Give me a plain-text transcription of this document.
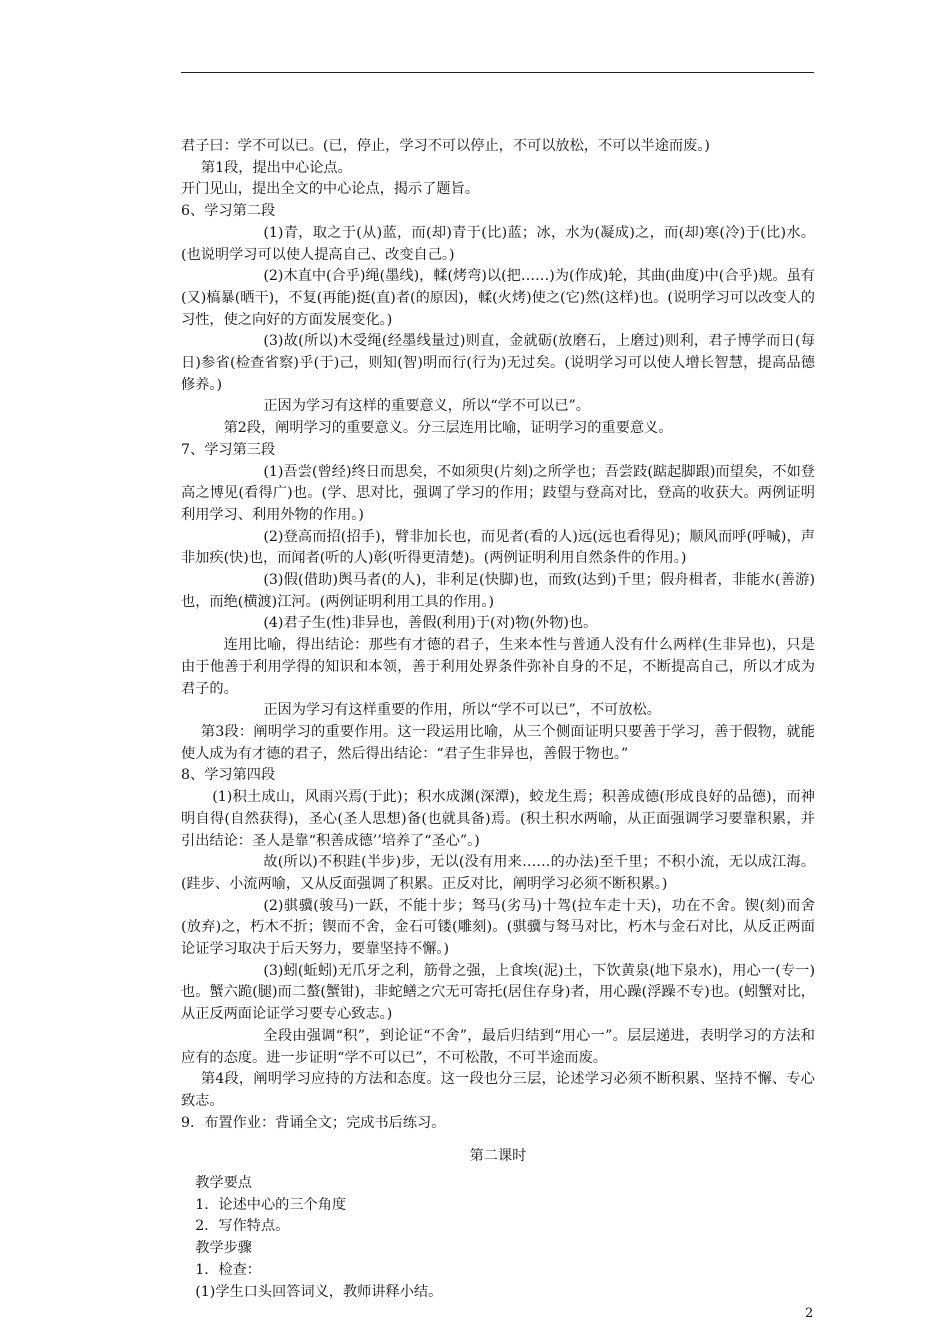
君子曰：学不可以已。(已，停止，学习不可以停止，不可以放松，不可以半途而废。)

第1段，提出中心论点。

开门见山，提出全文的中心论点，揭示了题旨。

6、学习第二段

(1)青，取之于(从)蓝，而(却)青于(比)蓝；冰，水为(凝成)之，而(却)寒(冷)于(比)水。(也说明学习可以使人提高自己、改变自己。)

(2)木直中(合乎)绳(墨线)，輮(烤弯)以(把……)为(作成)轮，其曲(曲度)中(合乎)规。虽有(又)槁暴(晒干)，不复(再能)挺(直)者(的原因)，輮(火烤)使之(它)然(这样)也。(说明学习可以改变人的习性，使之向好的方面发展变化。)

(3)故(所以)木受绳(经墨线量过)则直，金就砺(放磨石，上磨过)则利，君子博学而日(每日)参省(检查省察)乎(于)己，则知(智)明而行(行为)无过矣。(说明学习可以使人增长智慧，提高品德修养。)

正因为学习有这样的重要意义，所以“学不可以已”。

第2段，阐明学习的重要意义。分三层连用比喻，证明学习的重要意义。

7、学习第三段

(1)吾尝(曾经)终日而思矣，不如须臾(片刻)之所学也；吾尝跂(踮起脚跟)而望矣，不如登高之博见(看得广)也。(学、思对比，强调了学习的作用；跂望与登高对比，登高的收获大。两例证明利用学习、利用外物的作用。)

(2)登高而招(招手)，臂非加长也，而见者(看的人)远(远也看得见)；顺风而呼(呼喊)，声非加疾(快)也，而闻者(听的人)彰(听得更清楚)。(两例证明利用自然条件的作用。)

(3)假(借助)舆马者(的人)，非利足(快脚)也，而致(达到)千里；假舟楫者，非能水(善游)也，而绝(横渡)江河。(两例证明利用工具的作用。)

(4)君子生(性)非异也，善假(利用)于(对)物(外物)也。

连用比喻，得出结论：那些有才德的君子，生来本性与普通人没有什么两样(生非异也)，只是由于他善于利用学得的知识和本领，善于利用处界条件弥补自身的不足，不断提高自己，所以才成为君子的。

正因为学习有这样重要的作用，所以“学不可以已”，不可放松。

第3段：阐明学习的重要作用。这一段运用比喻，从三个侧面证明只要善于学习，善于假物，就能使人成为有才德的君子，然后得出结论：“君子生非异也，善假于物也。”

8、学习第四段

(1)积土成山，风雨兴焉(于此)；积水成渊(深潭)，蛟龙生焉；积善成德(形成良好的品德)，而神明自得(自然获得)，圣心(圣人思想)备(也就具备)焉。(积土积水两喻，从正面强调学习要靠积累，并引出结论：圣人是靠“积善成德’’培养了“圣心”。)

故(所以)不积跬(半步)步，无以(没有用来……的办法)至千里；不积小流，无以成江海。(跬步、小流两喻，又从反面强调了积累。正反对比，阐明学习必须不断积累。)

(2)骐骥(骏马)一跃，不能十步；驽马(劣马)十驾(拉车走十天)，功在不舍。锲(刻)而舍(放弃)之，朽木不折；锲而不舍，金石可镂(雕刻)。(骐骥与驽马对比，朽木与金石对比，从反正两面论证学习取决于后天努力，要靠坚持不懈。)

(3)蚓(蚯蚓)无爪牙之利，筋骨之强，上食埃(泥)土，下饮黄泉(地下泉水)，用心一(专一)也。蟹六跪(腿)而二螯(蟹钳)，非蛇鳝之穴无可寄托(居住存身)者，用心躁(浮躁不专)也。(蚓蟹对比，从正反两面论证学习要专心致志。)

全段由强调“积”，到论证“不舍”，最后归结到“用心一”。层层递进，表明学习的方法和应有的态度。进一步证明“学不可以已”，不可松散，不可半途而废。

第4段，阐明学习应持的方法和态度。这一段也分三层，论述学习必须不断积累、坚持不懈、专心致志。

9．布置作业：背诵全文；完成书后练习。

第二课时

教学要点

1．论述中心的三个角度

2．写作特点。

教学步骤

1．检查：

(1)学生口头回答词义，教师讲释小结。

2
